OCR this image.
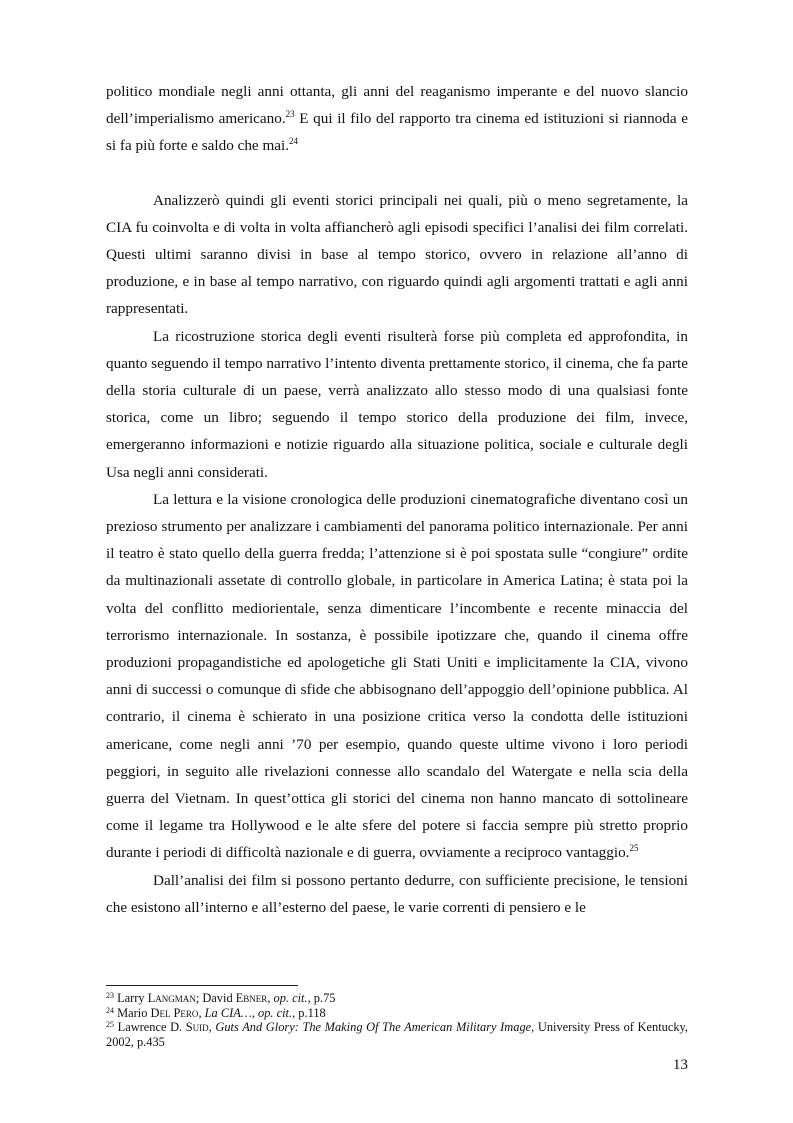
politico mondiale negli anni ottanta, gli anni del reaganismo imperante e del nuovo slancio dell’imperialismo americano.$^{23}$ E qui il filo del rapporto tra cinema ed istituzioni si riannoda e si fa più forte e saldo che mai.$^{24}$

Analizzerò quindi gli eventi storici principali nei quali, più o meno segretamente, la CIA fu coinvolta e di volta in volta affiancherò agli episodi specifici l’analisi dei film correlati. Questi ultimi saranno divisi in base al tempo storico, ovvero in relazione all’anno di produzione, e in base al tempo narrativo, con riguardo quindi agli argomenti trattati e agli anni rappresentati.

La ricostruzione storica degli eventi risulterà forse più completa ed approfondita, in quanto seguendo il tempo narrativo l’intento diventa prettamente storico, il cinema, che fa parte della storia culturale di un paese, verrà analizzato allo stesso modo di una qualsiasi fonte storica, come un libro; seguendo il tempo storico della produzione dei film, invece, emergeranno informazioni e notizie riguardo alla situazione politica, sociale e culturale degli Usa negli anni considerati.

La lettura e la visione cronologica delle produzioni cinematografiche diventano così un prezioso strumento per analizzare i cambiamenti del panorama politico internazionale. Per anni il teatro è stato quello della guerra fredda; l’attenzione si è poi spostata sulle “congiure” ordite da multinazionali assetate di controllo globale, in particolare in America Latina; è stata poi la volta del conflitto mediorientale, senza dimenticare l’incombente e recente minaccia del terrorismo internazionale. In sostanza, è possibile ipotizzare che, quando il cinema offre produzioni propagandistiche ed apologetiche gli Stati Uniti e implicitamente la CIA, vivono anni di successi o comunque di sfide che abbisognano dell’appoggio dell’opinione pubblica. Al contrario, il cinema è schierato in una posizione critica verso la condotta delle istituzioni americane, come negli anni ’70 per esempio, quando queste ultime vivono i loro periodi peggiori, in seguito alle rivelazioni connesse allo scandalo del Watergate e nella scia della guerra del Vietnam. In quest’ottica gli storici del cinema non hanno mancato di sottolineare come il legame tra Hollywood e le alte sfere del potere si faccia sempre più stretto proprio durante i periodi di difficoltà nazionale e di guerra, ovviamente a reciproco vantaggio.$^{25}$

Dall’analisi dei film si possono pertanto dedurre, con sufficiente precisione, le tensioni che esistono all’interno e all’esterno del paese, le varie correnti di pensiero e le

$^{23}$ Larry Langman; David Ebner, op. cit., p.75

$^{24}$ Mario Del Pero, La CIA…, op. cit., p.118

$^{25}$ Lawrence D. Suid, Guts And Glory: The Making Of The American Military Image, University Press of Kentucky, 2002, p.435

13
